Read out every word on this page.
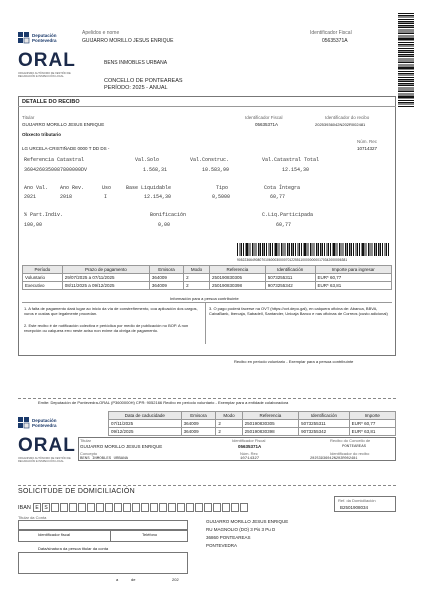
Deputación
Pontevedra
ORAL
ORGANISMO AUTÓNOMO DE XESTIÓN DE RECADACIÓN E INSPECCIÓN LOCAL
Apelidos e nome
GUIJARRO MORILLO JESUS ENRIQUE
Identificador Fiscal
05635371A
BENS INMOBLES URBANA
CONCELLO DE PONTEAREAS
PERÍODO: 2025 - ANUAL
DETALLE DO RECIBO
Titular
GUIJARRO MORILLO JESUS ENRIQUE
Identificador Fiscal
05635371A
Identificador do recibo
20253936042N202R002481
Obxecto tributario
LG URCELA-CRISTIÑADE 0000 T DD DS -
Núm. Rec
10714327
Referencia Catastral	Val.Solo	Val.Construc.	Val.Catastral Total
3604260350087800000DV	1.568,31	10.583,99	12.154,30
Ano Val. Ano Rev.	Uso	Base Liquidable	Tipo	Cota Íntegra
2021	2018	I	12.154,30	0,5000	60,77
% Part.Indiv.	Bonificación	C.Liq.Participada
100,00	0,00	60,77
90522366490807010600030000701225511000000000170342000006381
Período	Prazo de pagamento	Emisora	Modo	Referencia	Identificación	Importe para ingresar
Voluntario	29/07/2025 a 07/11/2025	364009	2	250190830305	5073255311	EUR* 60,77
Executivo	08/11/2025 a 09/12/2025	364009	2	250190830398	9073255342	EUR* 63,81
Información para a persoa contribuínte
1. A falta de pagamento dará lugar ao inicio da vía de constreñemento, coa aplicación dos cargos, xuros e custas que legalmente procedan.
2. Este recibo é de notificación colectiva e periódica por medio de publicación no BOP. A non recepción ou calquera erro neste aviso non exime da obriga de pagamento.
3. O pago poderá facerse na OVT (https://ovt.depo.gal), en calquera oficina de: Abanca, BBVA, CaixaBank, Ibercaja, Sabadell, Santander, Unicaja Banco e nas oficinas de Correos (custo adicional)
Recibo en período voluntario - Exemplar para a persoa contribuínte
Emite: Deputación de Pontevedra-ORAL (P3600000H) CPR: 9052166 Recibo en período voluntario - Exemplar para a entidade colaboradora
Deputación
Pontevedra
ORAL
ORGANISMO AUTÓNOMO DE XESTIÓN DE RECADACIÓN E INSPECCIÓN LOCAL
Data de caducidade	Emisora	Modo	Referencia	Identificación	Importe
07/11/2025	364009	2	250190830305	5073255311	EUR* 60,77
09/12/2025	364009	2	250190830398	9073255342	EUR* 63,81
Titular
GUIJARRO MORILLO JESUS ENRIQUE
Concepto
BENS INMOBLES URBANA
Identificador Fiscal
05635371A
Núm. Rec
10714327
Recibo do Concello de
PONTEAREAS
Identificador do recibo
20253936042N202R002481
SOLICITUDE DE DOMICILIACIÓN
Ref. da Domiciliación
B2501908034
IBAN E	S
Titular da Conta
Identificador fiscal	Teléfono
Data/sinatura da persoa titular da conta
a	de	202
GUIJARRO MORILLO JESUS ENRIQUE
RU MAGNOLIO (DO) 3 Pis 3 Pu D
36860 PONTEAREAS
PONTEVEDRA
